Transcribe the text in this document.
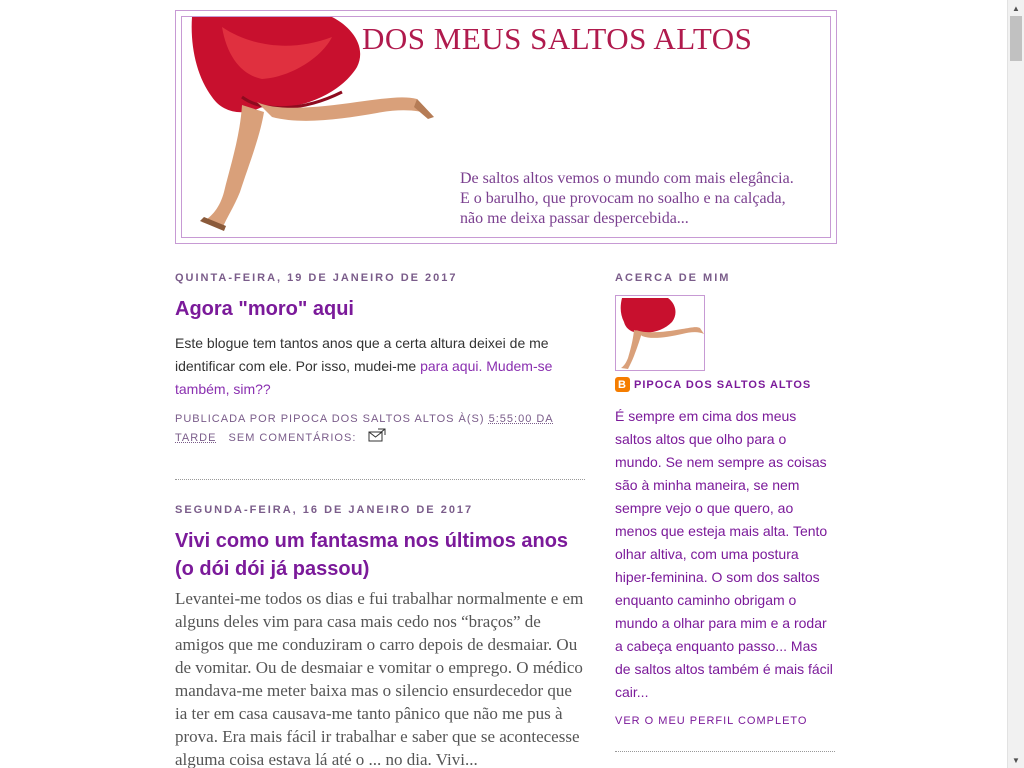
DOS MEUS SALTOS ALTOS
De saltos altos vemos o mundo com mais elegância.
E o barulho, que provocam no soalho e na calçada,
não me deixa passar despercebida...
QUINTA-FEIRA, 19 DE JANEIRO DE 2017
Agora "moro" aqui
Este blogue tem tantos anos que a certa altura deixei de me identificar com ele. Por isso, mudei-me para aqui. Mudem-se também, sim??
PUBLICADA POR PIPOCA DOS SALTOS ALTOS À(S) 5:55:00 DA TARDE SEM COMENTÁRIOS:
SEGUNDA-FEIRA, 16 DE JANEIRO DE 2017
Vivi como um fantasma nos últimos anos (o dói dói já passou)
Levantei-me todos os dias e fui trabalhar normalmente e em alguns deles vim para casa mais cedo nos “braços” de amigos que me conduziram o carro depois de desmaiar. Ou de vomitar. Ou de desmaiar e vomitar o emprego. O médico mandava-me meter baixa mas o silencio ensurdecedor que ia ter em casa causava-me tanto pânico que não me pus à prova. Era mais fácil ir trabalhar e saber que se acontecesse alguma coisa estava lá até o ... no dia. Vivi...
ACERCA DE MIM
B PIPOCA DOS SALTOS ALTOS
É sempre em cima dos meus saltos altos que olho para o mundo. Se nem sempre as coisas são à minha maneira, se nem sempre vejo o que quero, ao menos que esteja mais alta. Tento olhar altiva, com uma postura hiper-feminina. O som dos saltos enquanto caminho obrigam o mundo a olhar para mim e a rodar a cabeça enquanto passo... Mas de saltos altos também é mais fácil cair...
VER O MEU PERFIL COMPLETO
▲
▼
